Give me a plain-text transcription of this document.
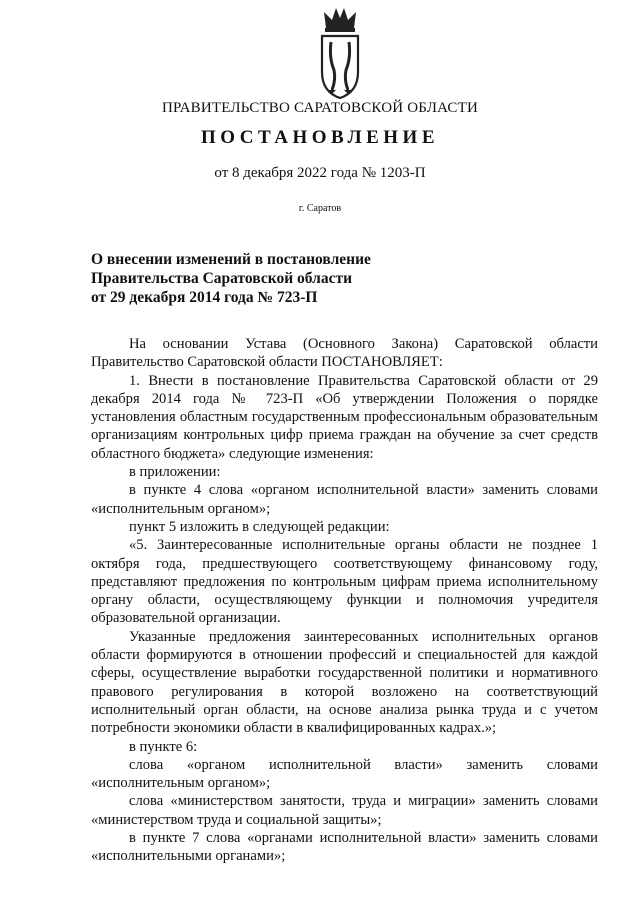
ПРАВИТЕЛЬСТВО САРАТОВСКОЙ ОБЛАСТИ
ПОСТАНОВЛЕНИЕ
от 8 декабря 2022 года № 1203-П
г. Саратов
О внесении изменений в постановление
Правительства Саратовской области
от 29 декабря 2014 года № 723-П

На основании Устава (Основного Закона) Саратовской области Правительство Саратовской области ПОСТАНОВЛЯЕТ:

1. Внести в постановление Правительства Саратовской области от 29 декабря 2014 года № 723-П «Об утверждении Положения о порядке установления областным государственным профессиональным образовательным организациям контрольных цифр приема граждан на обучение за счет средств областного бюджета» следующие изменения:

в приложении:

в пункте 4 слова «органом исполнительной власти» заменить словами «исполнительным органом»;

пункт 5 изложить в следующей редакции:

«5. Заинтересованные исполнительные органы области не позднее 1 октября года, предшествующего соответствующему финансовому году, представляют предложения по контрольным цифрам приема исполнительному органу области, осуществляющему функции и полномочия учредителя образовательной организации.

Указанные предложения заинтересованных исполнительных органов области формируются в отношении профессий и специальностей для каждой сферы, осуществление выработки государственной политики и нормативного правового регулирования в которой возложено на соответствующий исполнительный орган области, на основе анализа рынка труда и с учетом потребности экономики области в квалифицированных кадрах.»;

в пункте 6:

слова «органом исполнительной власти» заменить словами «исполнительным органом»;

слова «министерством занятости, труда и миграции» заменить словами «министерством труда и социальной защиты»;

в пункте 7 слова «органами исполнительной власти» заменить словами «исполнительными органами»;
